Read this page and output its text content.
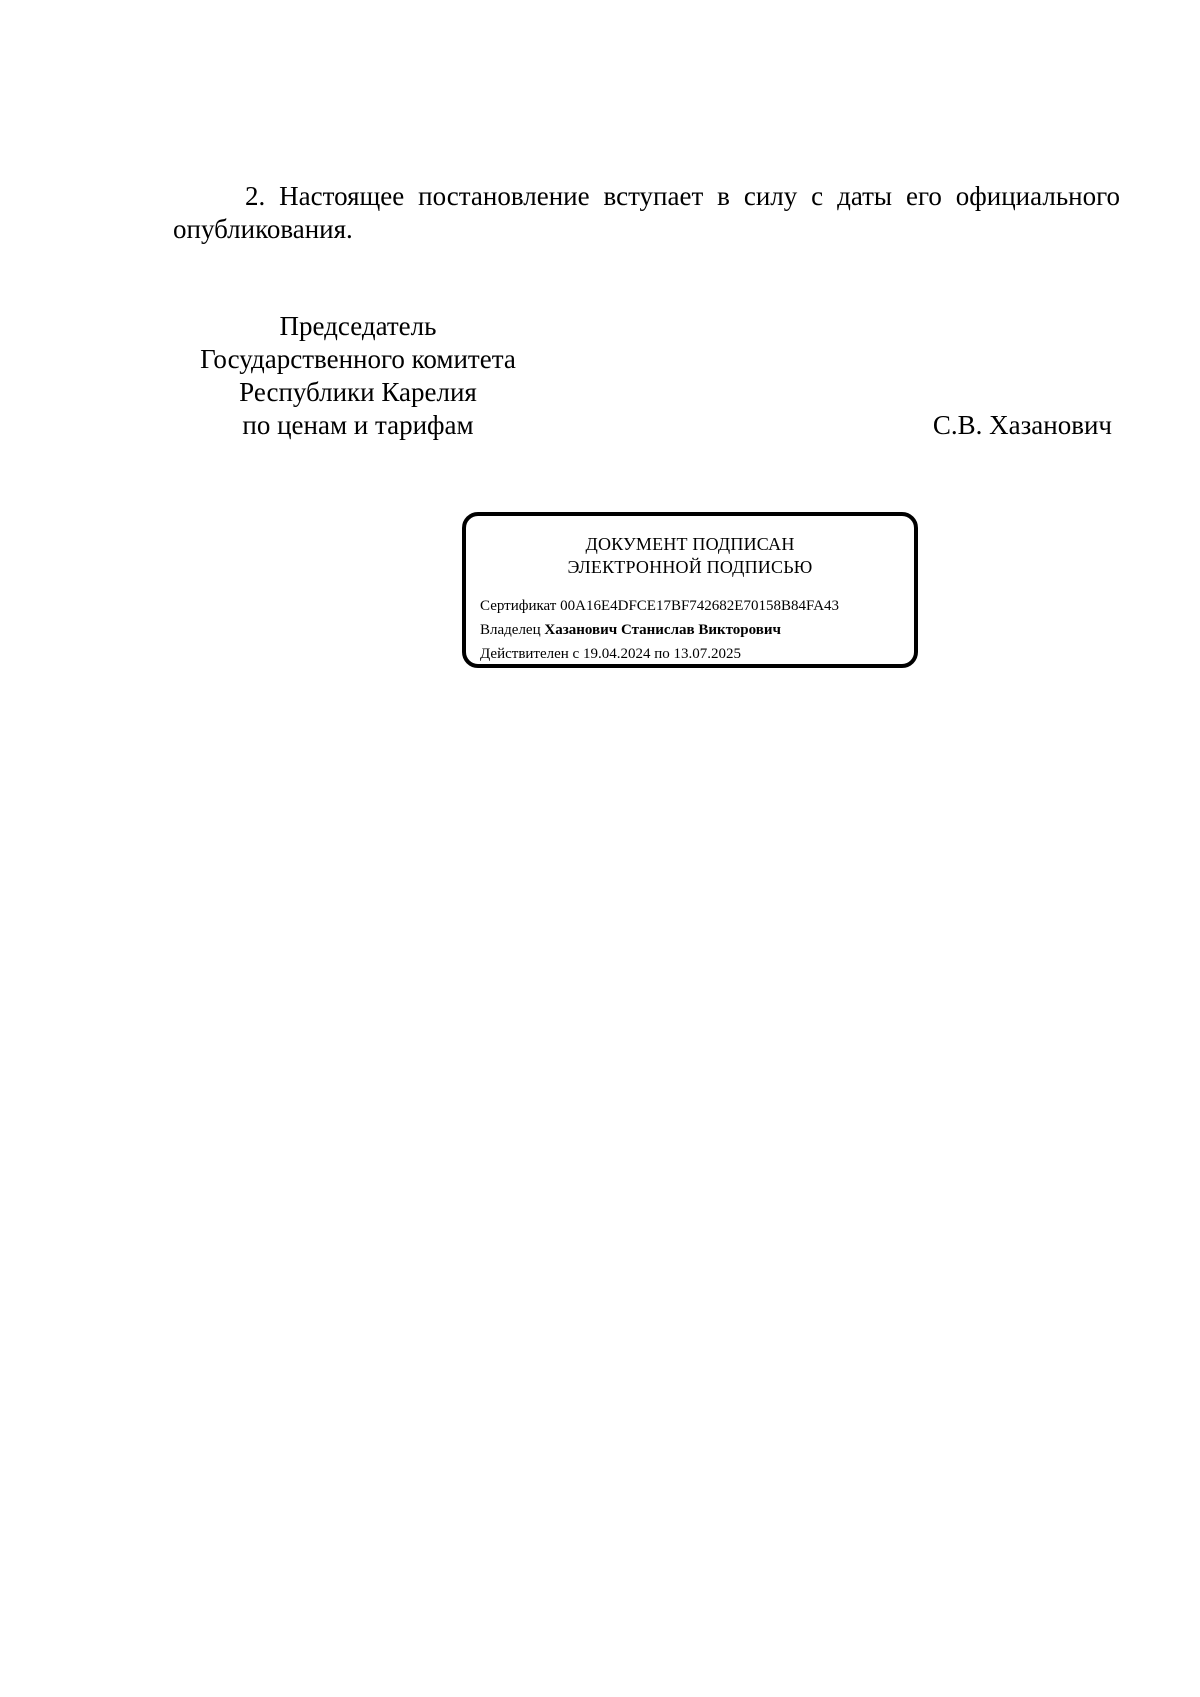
2. Настоящее постановление вступает в силу с даты его официального опубликования.

Председатель
Государственного комитета
Республики Карелия
по ценам и тарифам	С.В. Хазанович
ДОКУМЕНТ ПОДПИСАН
ЭЛЕКТРОННОЙ ПОДПИСЬЮ
Сертификат 00A16E4DFCE17BF742682E70158B84FA43
Владелец Хазанович Станислав Викторович
Действителен с 19.04.2024 по 13.07.2025
